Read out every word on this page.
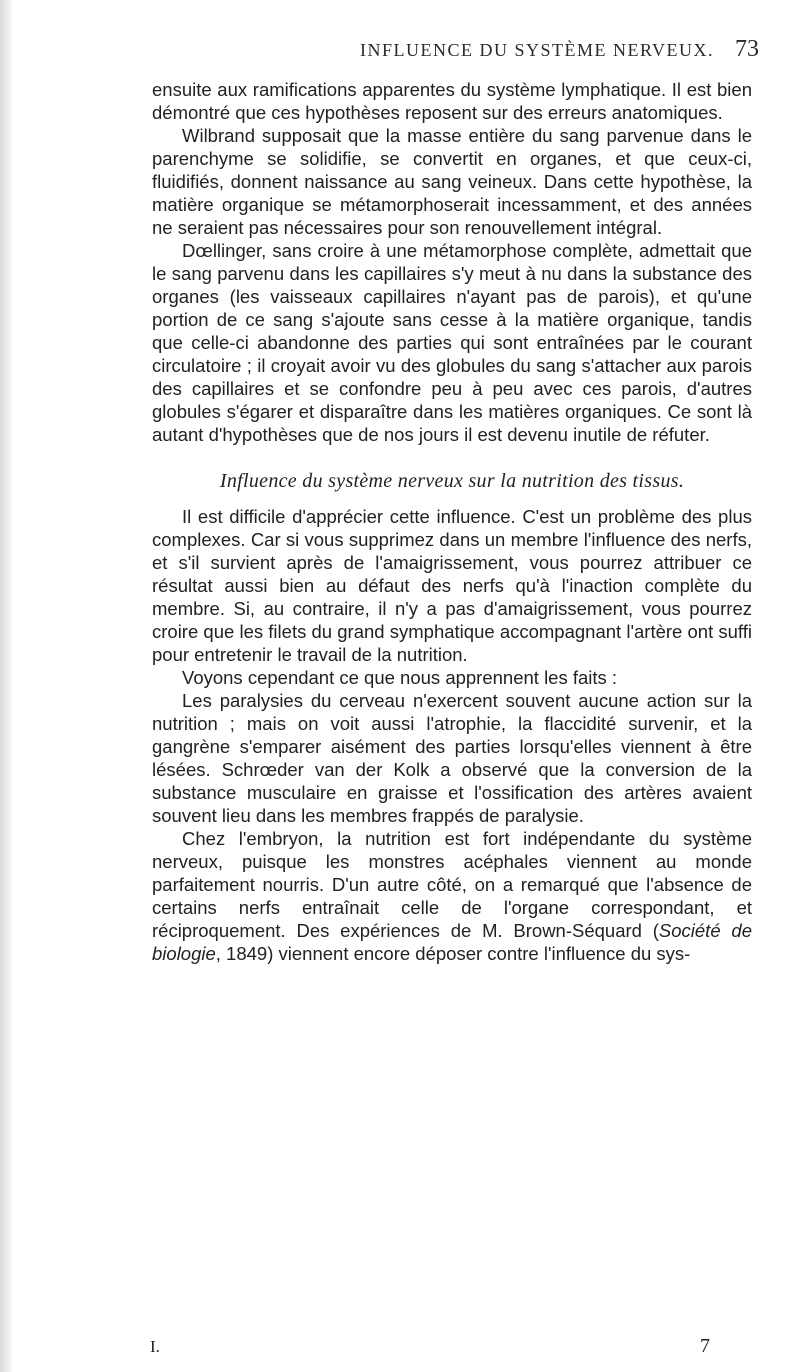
INFLUENCE DU SYSTÈME NERVEUX. 73

ensuite aux ramifications apparentes du système lymphatique. Il est bien démontré que ces hypothèses reposent sur des erreurs anatomiques.

Wilbrand supposait que la masse entière du sang parvenue dans le parenchyme se solidifie, se convertit en organes, et que ceux-ci, fluidifiés, donnent naissance au sang veineux. Dans cette hypothèse, la matière organique se métamorphoserait incessamment, et des années ne seraient pas nécessaires pour son renouvellement intégral.

Dœllinger, sans croire à une métamorphose complète, admettait que le sang parvenu dans les capillaires s'y meut à nu dans la substance des organes (les vaisseaux capillaires n'ayant pas de parois), et qu'une portion de ce sang s'ajoute sans cesse à la matière organique, tandis que celle-ci abandonne des parties qui sont entraînées par le courant circulatoire ; il croyait avoir vu des globules du sang s'attacher aux parois des capillaires et se confondre peu à peu avec ces parois, d'autres globules s'égarer et disparaître dans les matières organiques. Ce sont là autant d'hypothèses que de nos jours il est devenu inutile de réfuter.

Influence du système nerveux sur la nutrition des tissus.

Il est difficile d'apprécier cette influence. C'est un problème des plus complexes. Car si vous supprimez dans un membre l'influence des nerfs, et s'il survient après de l'amaigrissement, vous pourrez attribuer ce résultat aussi bien au défaut des nerfs qu'à l'inaction complète du membre. Si, au contraire, il n'y a pas d'amaigrissement, vous pourrez croire que les filets du grand symphatique accompagnant l'artère ont suffi pour entretenir le travail de la nutrition.

Voyons cependant ce que nous apprennent les faits :

Les paralysies du cerveau n'exercent souvent aucune action sur la nutrition ; mais on voit aussi l'atrophie, la flaccidité survenir, et la gangrène s'emparer aisément des parties lorsqu'elles viennent à être lésées. Schrœder van der Kolk a observé que la conversion de la substance musculaire en graisse et l'ossification des artères avaient souvent lieu dans les membres frappés de paralysie.

Chez l'embryon, la nutrition est fort indépendante du système nerveux, puisque les monstres acéphales viennent au monde parfaitement nourris. D'un autre côté, on a remarqué que l'absence de certains nerfs entraînait celle de l'organe correspondant, et réciproquement. Des expériences de M. Brown-Séquard (Société de biologie, 1849) viennent encore déposer contre l'influence du sys-

I.	7
